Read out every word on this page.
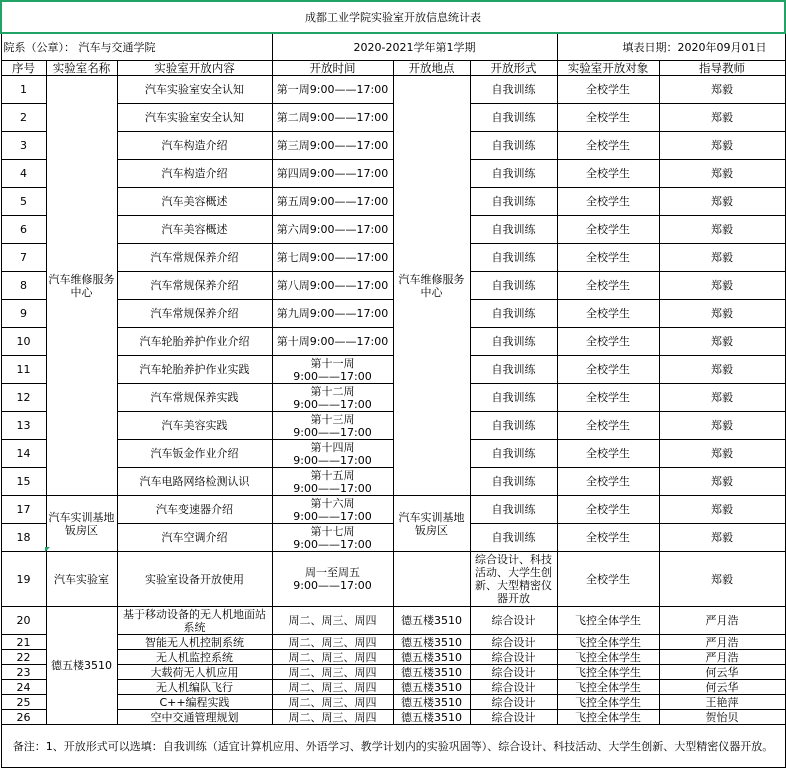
成都工业学院实验室开放信息统计表							
院系（公章）： 汽车与交通学院			2020-2021学年第1学期			填表日期：2020年09月01日	
序号	实验室名称	实验室开放内容	开放时间	开放地点	开放形式	实验室开放对象	指导教师
1	汽车维修服务中心	汽车实验室安全认知	第一周9:00——17:00	汽车维修服务中心	自我训练	全校学生	郑毅
2		汽车实验室安全认知	第二周9:00——17:00		自我训练	全校学生	郑毅
3		汽车构造介绍	第三周9:00——17:00		自我训练	全校学生	郑毅
4		汽车构造介绍	第四周9:00——17:00		自我训练	全校学生	郑毅
5		汽车美容概述	第五周9:00——17:00		自我训练	全校学生	郑毅
6		汽车美容概述	第六周9:00——17:00		自我训练	全校学生	郑毅
7		汽车常规保养介绍	第七周9:00——17:00		自我训练	全校学生	郑毅
8		汽车常规保养介绍	第八周9:00——17:00		自我训练	全校学生	郑毅
9		汽车常规保养介绍	第九周9:00——17:00		自我训练	全校学生	郑毅
10		汽车轮胎养护作业介绍	第十周9:00——17:00		自我训练	全校学生	郑毅
11		汽车轮胎养护作业实践	第十一周
9:00——17:00		自我训练	全校学生	郑毅
12		汽车常规保养实践	第十二周
9:00——17:00		自我训练	全校学生	郑毅
13		汽车美容实践	第十三周
9:00——17:00		自我训练	全校学生	郑毅
14		汽车钣金作业介绍	第十四周
9:00——17:00		自我训练	全校学生	郑毅
15		汽车电路网络检测认识	第十五周
9:00——17:00		自我训练	全校学生	郑毅
17	汽车实训基地钣房区	汽车变速器介绍	第十六周
9:00——17:00	汽车实训基地钣房区	自我训练	全校学生	郑毅
18		汽车空调介绍	第十七周
9:00——17:00		自我训练	全校学生	郑毅
19	汽车实验室	实验室设备开放使用	周一至周五
9:00——17:00		综合设计、科技活动、大学生创新、大型精密仪器开放	全校学生	郑毅
20	德五楼3510	基于移动设备的无人机地面站系统	周二、周三、周四	德五楼3510	综合设计	飞控全体学生	严月浩
21		智能无人机控制系统	周二、周三、周四	德五楼3510	综合设计	飞控全体学生	严月浩
22		无人机监控系统	周二、周三、周四	德五楼3510	综合设计	飞控全体学生	严月浩
23		大载荷无人机应用	周二、周三、周四	德五楼3510	综合设计	飞控全体学生	何云华
24		无人机编队飞行	周二、周三、周四	德五楼3510	综合设计	飞控全体学生	何云华
25		C++编程实践	周二、周三、周四	德五楼3510	综合设计	飞控全体学生	王艳萍
26		空中交通管理规划	周二、周三、周四	德五楼3510	综合设计	飞控全体学生	贺怡贝
备注：1、开放形式可以选填：自我训练（适宜计算机应用、外语学习、教学计划内的实验巩固等）、综合设计、科技活动、大学生创新、大型精密仪器开放。							
